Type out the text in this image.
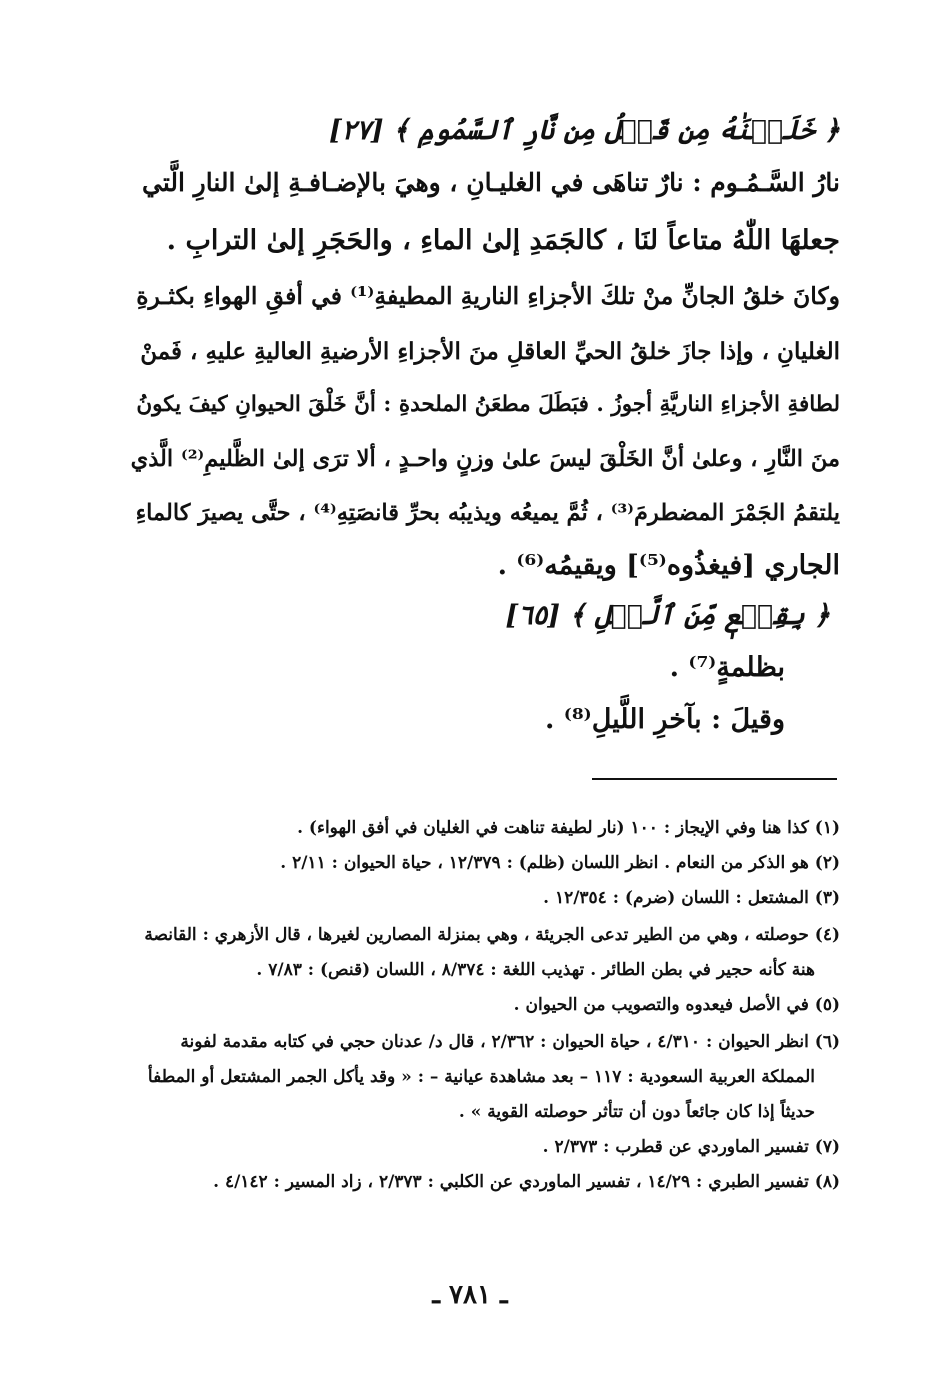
﴿ خَلَقۡنَٰهُ مِن قَبۡلُ مِن نَّارِ ٱلسَّمُومِ ﴾ [٢٧]
نارُ السَّـمُـوم : نارٌ تناهَى في الغليـانِ ، وهيَ بالإضـافـةِ إلىٰ النارِ الَّتي
جعلهَا اللّٰهُ متاعاً لنَا ، كالجَمَدِ إلىٰ الماءِ ، والحَجَرِ إلىٰ الترابِ .
وكانَ خلقُ الجانِّ منْ تلكَ الأجزاءِ الناريةِ المطيفةِ⁽¹⁾ في أفقِ الهواءِ بكثـرةِ
الغليانِ ، وإذا جازَ خلقُ الحيِّ العاقلِ منَ الأجزاءِ الأرضيةِ العاليةِ عليهِ ، فَمنْ
لطافةِ الأجزاءِ الناريَّةِ أجوزُ . فبَطَلَ مطعَنُ الملحدةِ : أنَّ خَلْقَ الحيوانِ كيفَ يكونُ
منَ النَّارِ ، وعلىٰ أنَّ الخَلْقَ ليسَ علىٰ وزنٍ واحـدٍ ، ألا ترَى إلىٰ الظَّليمِ⁽²⁾ الَّذي
يلتقمُ الجَمْرَ المضطرمَ⁽³⁾ ، ثُمَّ يميعُه ويذيبُه بحرِّ قانصَتِهِ⁽⁴⁾ ، حتَّى يصيرَ كالماءِ
الجاري [فيغذُوه⁽⁵⁾] ويقيمُه⁽⁶⁾ .
﴿ بِقِطۡعٖ مِّنَ ٱلَّيۡلِ ﴾ [٦٥]
بظلمةٍ⁽⁷⁾ .
وقيلَ : بآخرِ اللَّيلِ⁽⁸⁾ .
(١) كذا هنا وفي الإيجاز : ١٠٠ (نار لطيفة تناهت في الغليان في أفق الهواء) .
(٢) هو الذكر من النعام . انظر اللسان (ظلم) : ١٢/٣٧٩ ، حياة الحيوان : ٢/١١ .
(٣) المشتعل : اللسان (ضرم) : ١٢/٣٥٤ .
(٤) حوصلته ، وهي من الطير تدعى الجريئة ، وهي بمنزلة المصارين لغيرها ، قال الأزهري : القانصة
هنة كأنه حجير في بطن الطائر . تهذيب اللغة : ٨/٣٧٤ ، اللسان (قنص) : ٧/٨٣ .
(٥) في الأصل فيعدوه والتصويب من الحيوان .
(٦) انظر الحيوان : ٤/٣١٠ ، حياة الحيوان : ٢/٣٦٢ ، قال د/ عدنان حجي في كتابه مقدمة لفونة
المملكة العربية السعودية : ١١٧ – بعد مشاهدة عيانية – : « وقد يأكل الجمر المشتعل أو المطفأ
حديثاً إذا كان جائعاً دون أن تتأثر حوصلته القوية » .
(٧) تفسير الماوردي عن قطرب : ٢/٣٧٣ .
(٨) تفسير الطبري : ١٤/٢٩ ، تفسير الماوردي عن الكلبي : ٢/٣٧٣ ، زاد المسير : ٤/١٤٢ .
ـ ٧٨١ ـ
